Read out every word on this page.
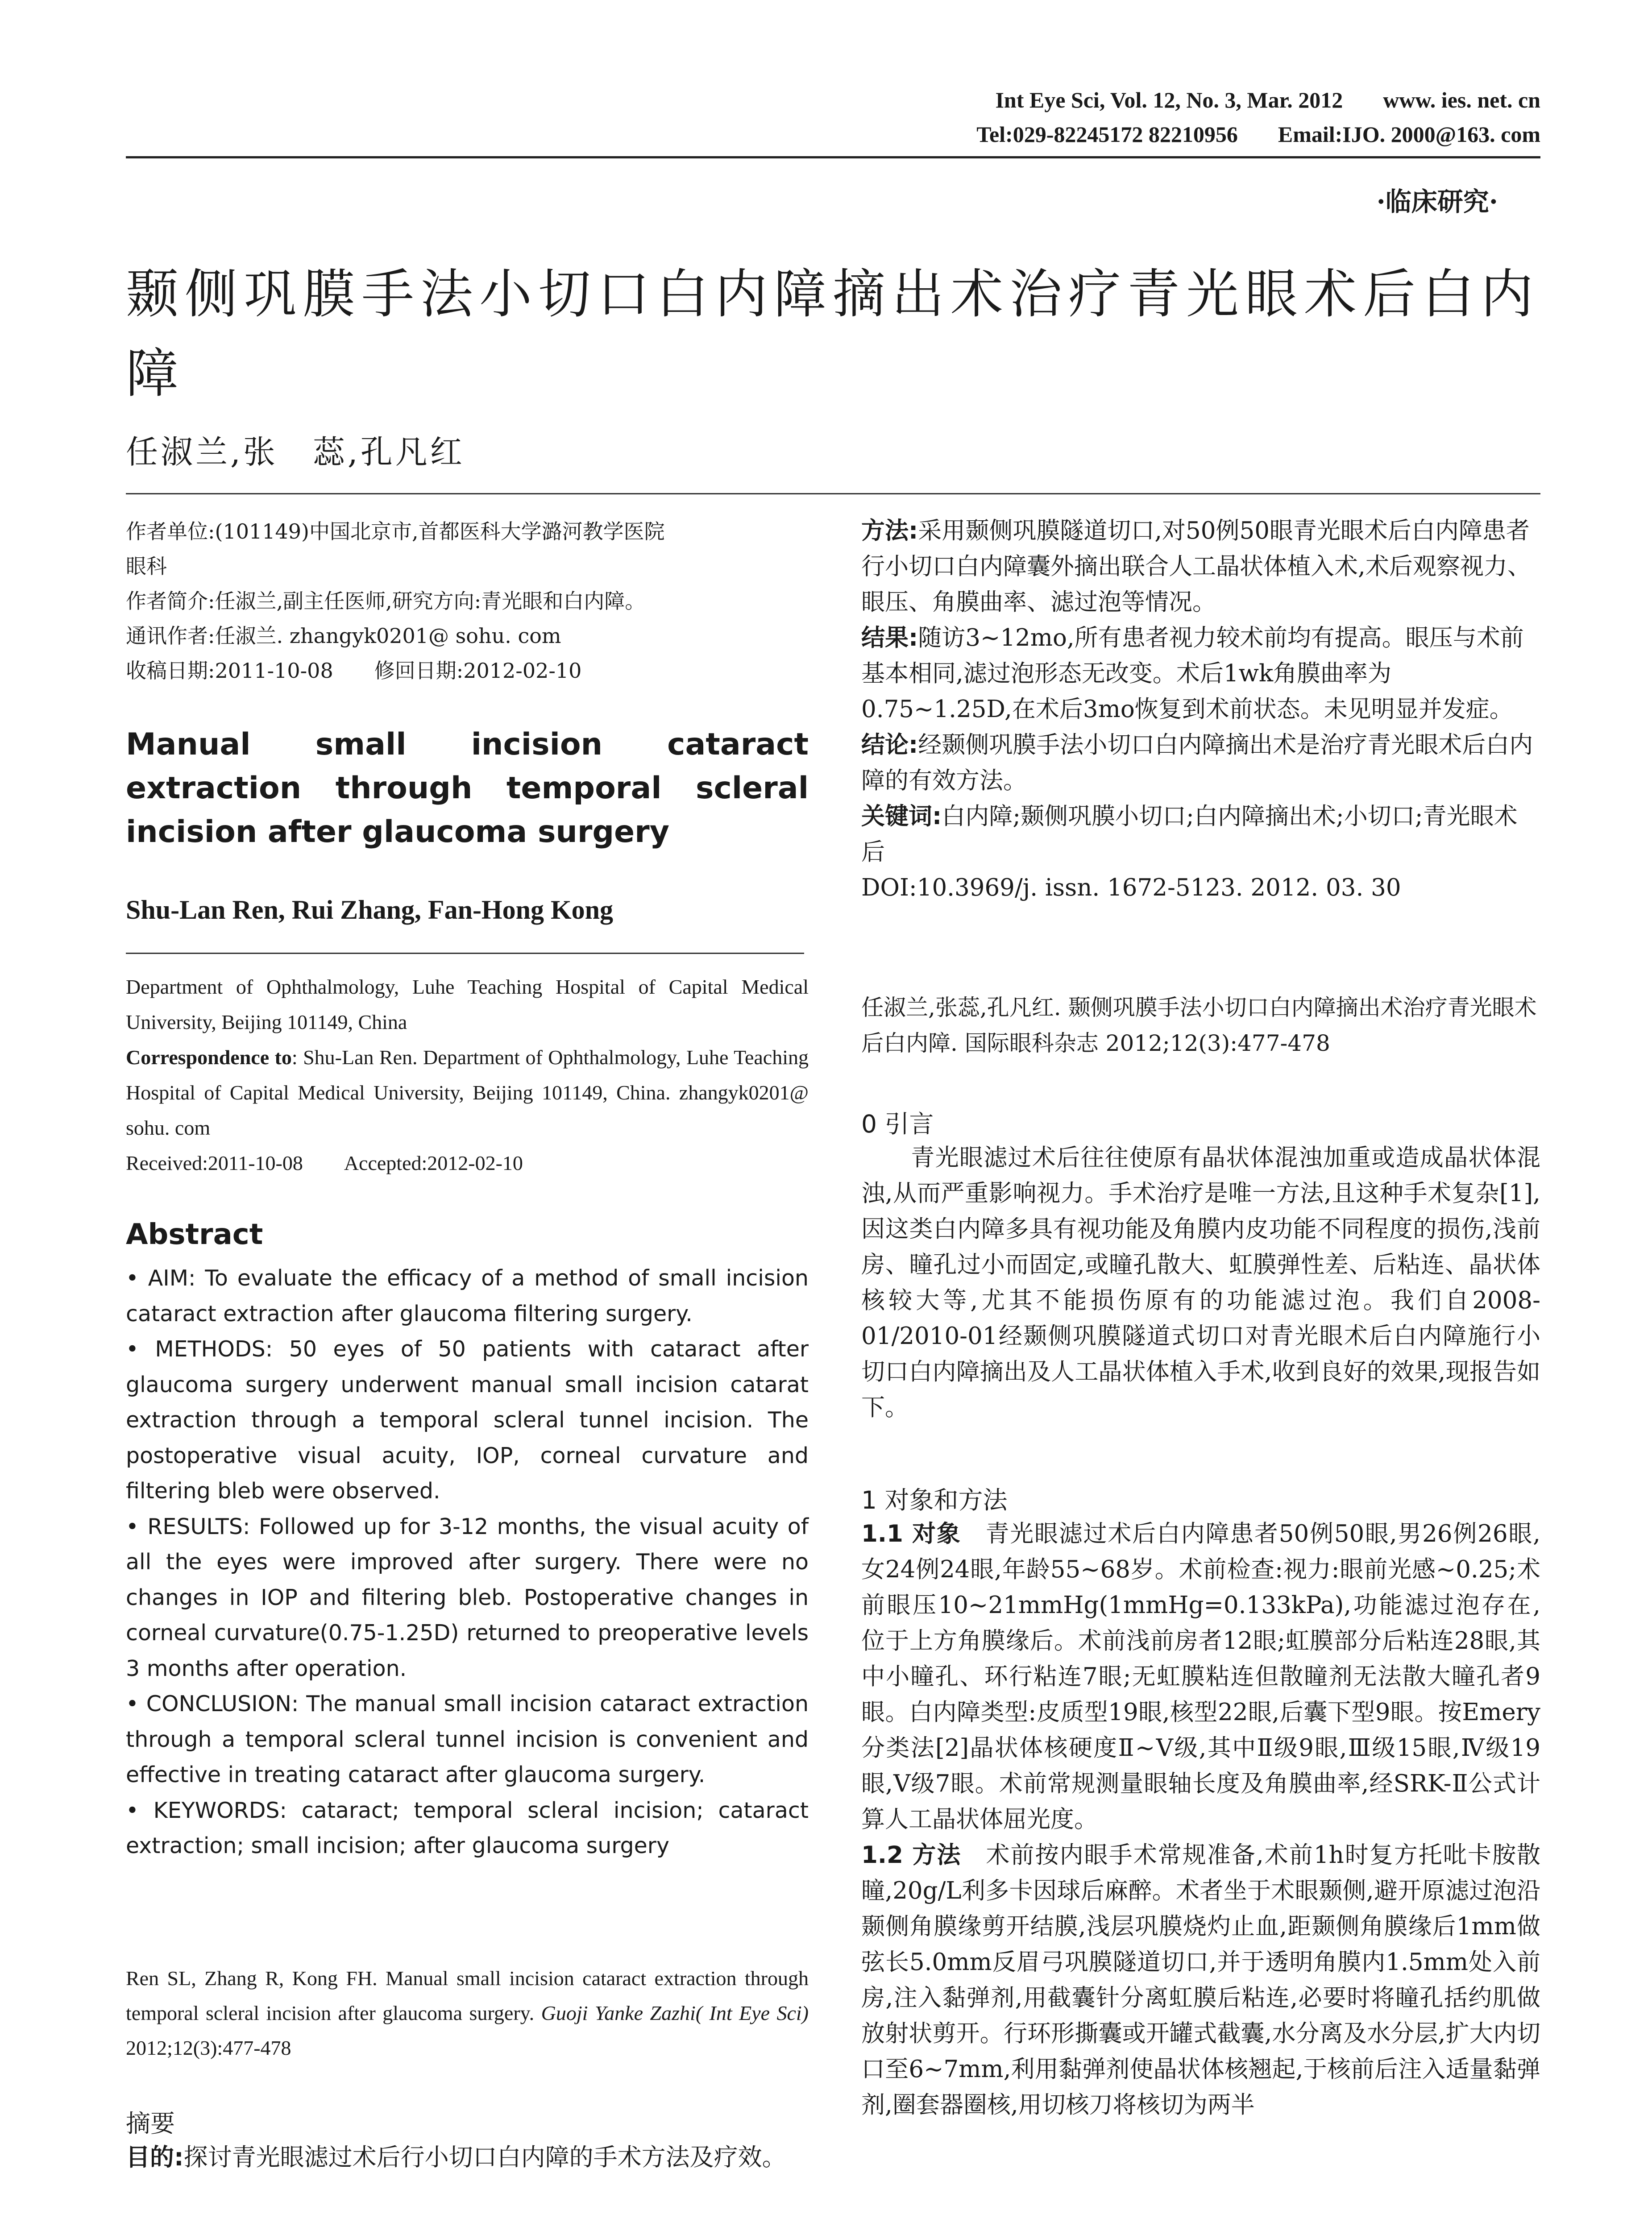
Int Eye Sci, Vol. 12, No. 3, Mar. 2012 www. ies. net. cn
Tel:029-82245172 82210956 Email:IJO. 2000@163. com
·临床研究·
颞侧巩膜手法小切口白内障摘出术治疗青光眼术后白内障
任淑兰,张　蕊,孔凡红
作者单位:(101149)中国北京市,首都医科大学潞河教学医院
眼科
作者简介:任淑兰,副主任医师,研究方向:青光眼和白内障。
通讯作者:任淑兰. zhangyk0201@ sohu. com
收稿日期:2011-10-08　　修回日期:2012-02-10
Manual small incision cataract extraction through temporal scleral incision after glaucoma surgery
Shu-Lan Ren, Rui Zhang, Fan-Hong Kong
Department of Ophthalmology, Luhe Teaching Hospital of Capital Medical University, Beijing 101149, China
Correspondence to: Shu-Lan Ren. Department of Ophthalmology, Luhe Teaching Hospital of Capital Medical University, Beijing 101149, China. zhangyk0201@ sohu. com
Received:2011-10-08　　Accepted:2012-02-10
Abstract

• AIM: To evaluate the efficacy of a method of small incision cataract extraction after glaucoma filtering surgery.

• METHODS: 50 eyes of 50 patients with cataract after glaucoma surgery underwent manual small incision catarat extraction through a temporal scleral tunnel incision. The postoperative visual acuity, IOP, corneal curvature and filtering bleb were observed.

• RESULTS: Followed up for 3-12 months, the visual acuity of all the eyes were improved after surgery. There were no changes in IOP and filtering bleb. Postoperative changes in corneal curvature(0.75-1.25D) returned to preoperative levels 3 months after operation.

• CONCLUSION: The manual small incision cataract extraction through a temporal scleral tunnel incision is convenient and effective in treating cataract after glaucoma surgery.

• KEYWORDS: cataract; temporal scleral incision; cataract extraction; small incision; after glaucoma surgery

Ren SL, Zhang R, Kong FH. Manual small incision cataract extraction through temporal scleral incision after glaucoma surgery. Guoji Yanke Zazhi( Int Eye Sci) 2012;12(3):477-478
摘要
目的:探讨青光眼滤过术后行小切口白内障的手术方法及疗效。

方法:采用颞侧巩膜隧道切口,对50例50眼青光眼术后白内障患者行小切口白内障囊外摘出联合人工晶状体植入术,术后观察视力、眼压、角膜曲率、滤过泡等情况。

结果:随访3~12mo,所有患者视力较术前均有提高。眼压与术前基本相同,滤过泡形态无改变。术后1wk角膜曲率为0.75~1.25D,在术后3mo恢复到术前状态。未见明显并发症。

结论:经颞侧巩膜手法小切口白内障摘出术是治疗青光眼术后白内障的有效方法。

关键词:白内障;颞侧巩膜小切口;白内障摘出术;小切口;青光眼术后

DOI:10.3969/j. issn. 1672-5123. 2012. 03. 30

任淑兰,张蕊,孔凡红. 颞侧巩膜手法小切口白内障摘出术治疗青光眼术后白内障. 国际眼科杂志 2012;12(3):477-478
0 引言

青光眼滤过术后往往使原有晶状体混浊加重或造成晶状体混浊,从而严重影响视力。手术治疗是唯一方法,且这种手术复杂[1],因这类白内障多具有视功能及角膜内皮功能不同程度的损伤,浅前房、瞳孔过小而固定,或瞳孔散大、虹膜弹性差、后粘连、晶状体核较大等,尤其不能损伤原有的功能滤过泡。我们自2008-01/2010-01经颞侧巩膜隧道式切口对青光眼术后白内障施行小切口白内障摘出及人工晶状体植入手术,收到良好的效果,现报告如下。

1 对象和方法

1.1 对象　 青光眼滤过术后白内障患者50例50眼,男26例26眼,女24例24眼,年龄55~68岁。术前检查:视力:眼前光感~0.25;术前眼压10~21mmHg(1mmHg=0.133kPa),功能滤过泡存在,位于上方角膜缘后。术前浅前房者12眼;虹膜部分后粘连28眼,其中小瞳孔、环行粘连7眼;无虹膜粘连但散瞳剂无法散大瞳孔者9眼。白内障类型:皮质型19眼,核型22眼,后囊下型9眼。按Emery分类法[2]晶状体核硬度Ⅱ~Ⅴ级,其中Ⅱ级9眼,Ⅲ级15眼,Ⅳ级19眼,Ⅴ级7眼。术前常规测量眼轴长度及角膜曲率,经SRK-Ⅱ公式计算人工晶状体屈光度。

1.2 方法　 术前按内眼手术常规准备,术前1h时复方托吡卡胺散瞳,20g/L利多卡因球后麻醉。术者坐于术眼颞侧,避开原滤过泡沿颞侧角膜缘剪开结膜,浅层巩膜烧灼止血,距颞侧角膜缘后1mm做弦长5.0mm反眉弓巩膜隧道切口,并于透明角膜内1.5mm处入前房,注入黏弹剂,用截囊针分离虹膜后粘连,必要时将瞳孔括约肌做放射状剪开。行环形撕囊或开罐式截囊,水分离及水分层,扩大内切口至6~7mm,利用黏弹剂使晶状体核翘起,于核前后注入适量黏弹剂,圈套器圈核,用切核刀将核切为两半
